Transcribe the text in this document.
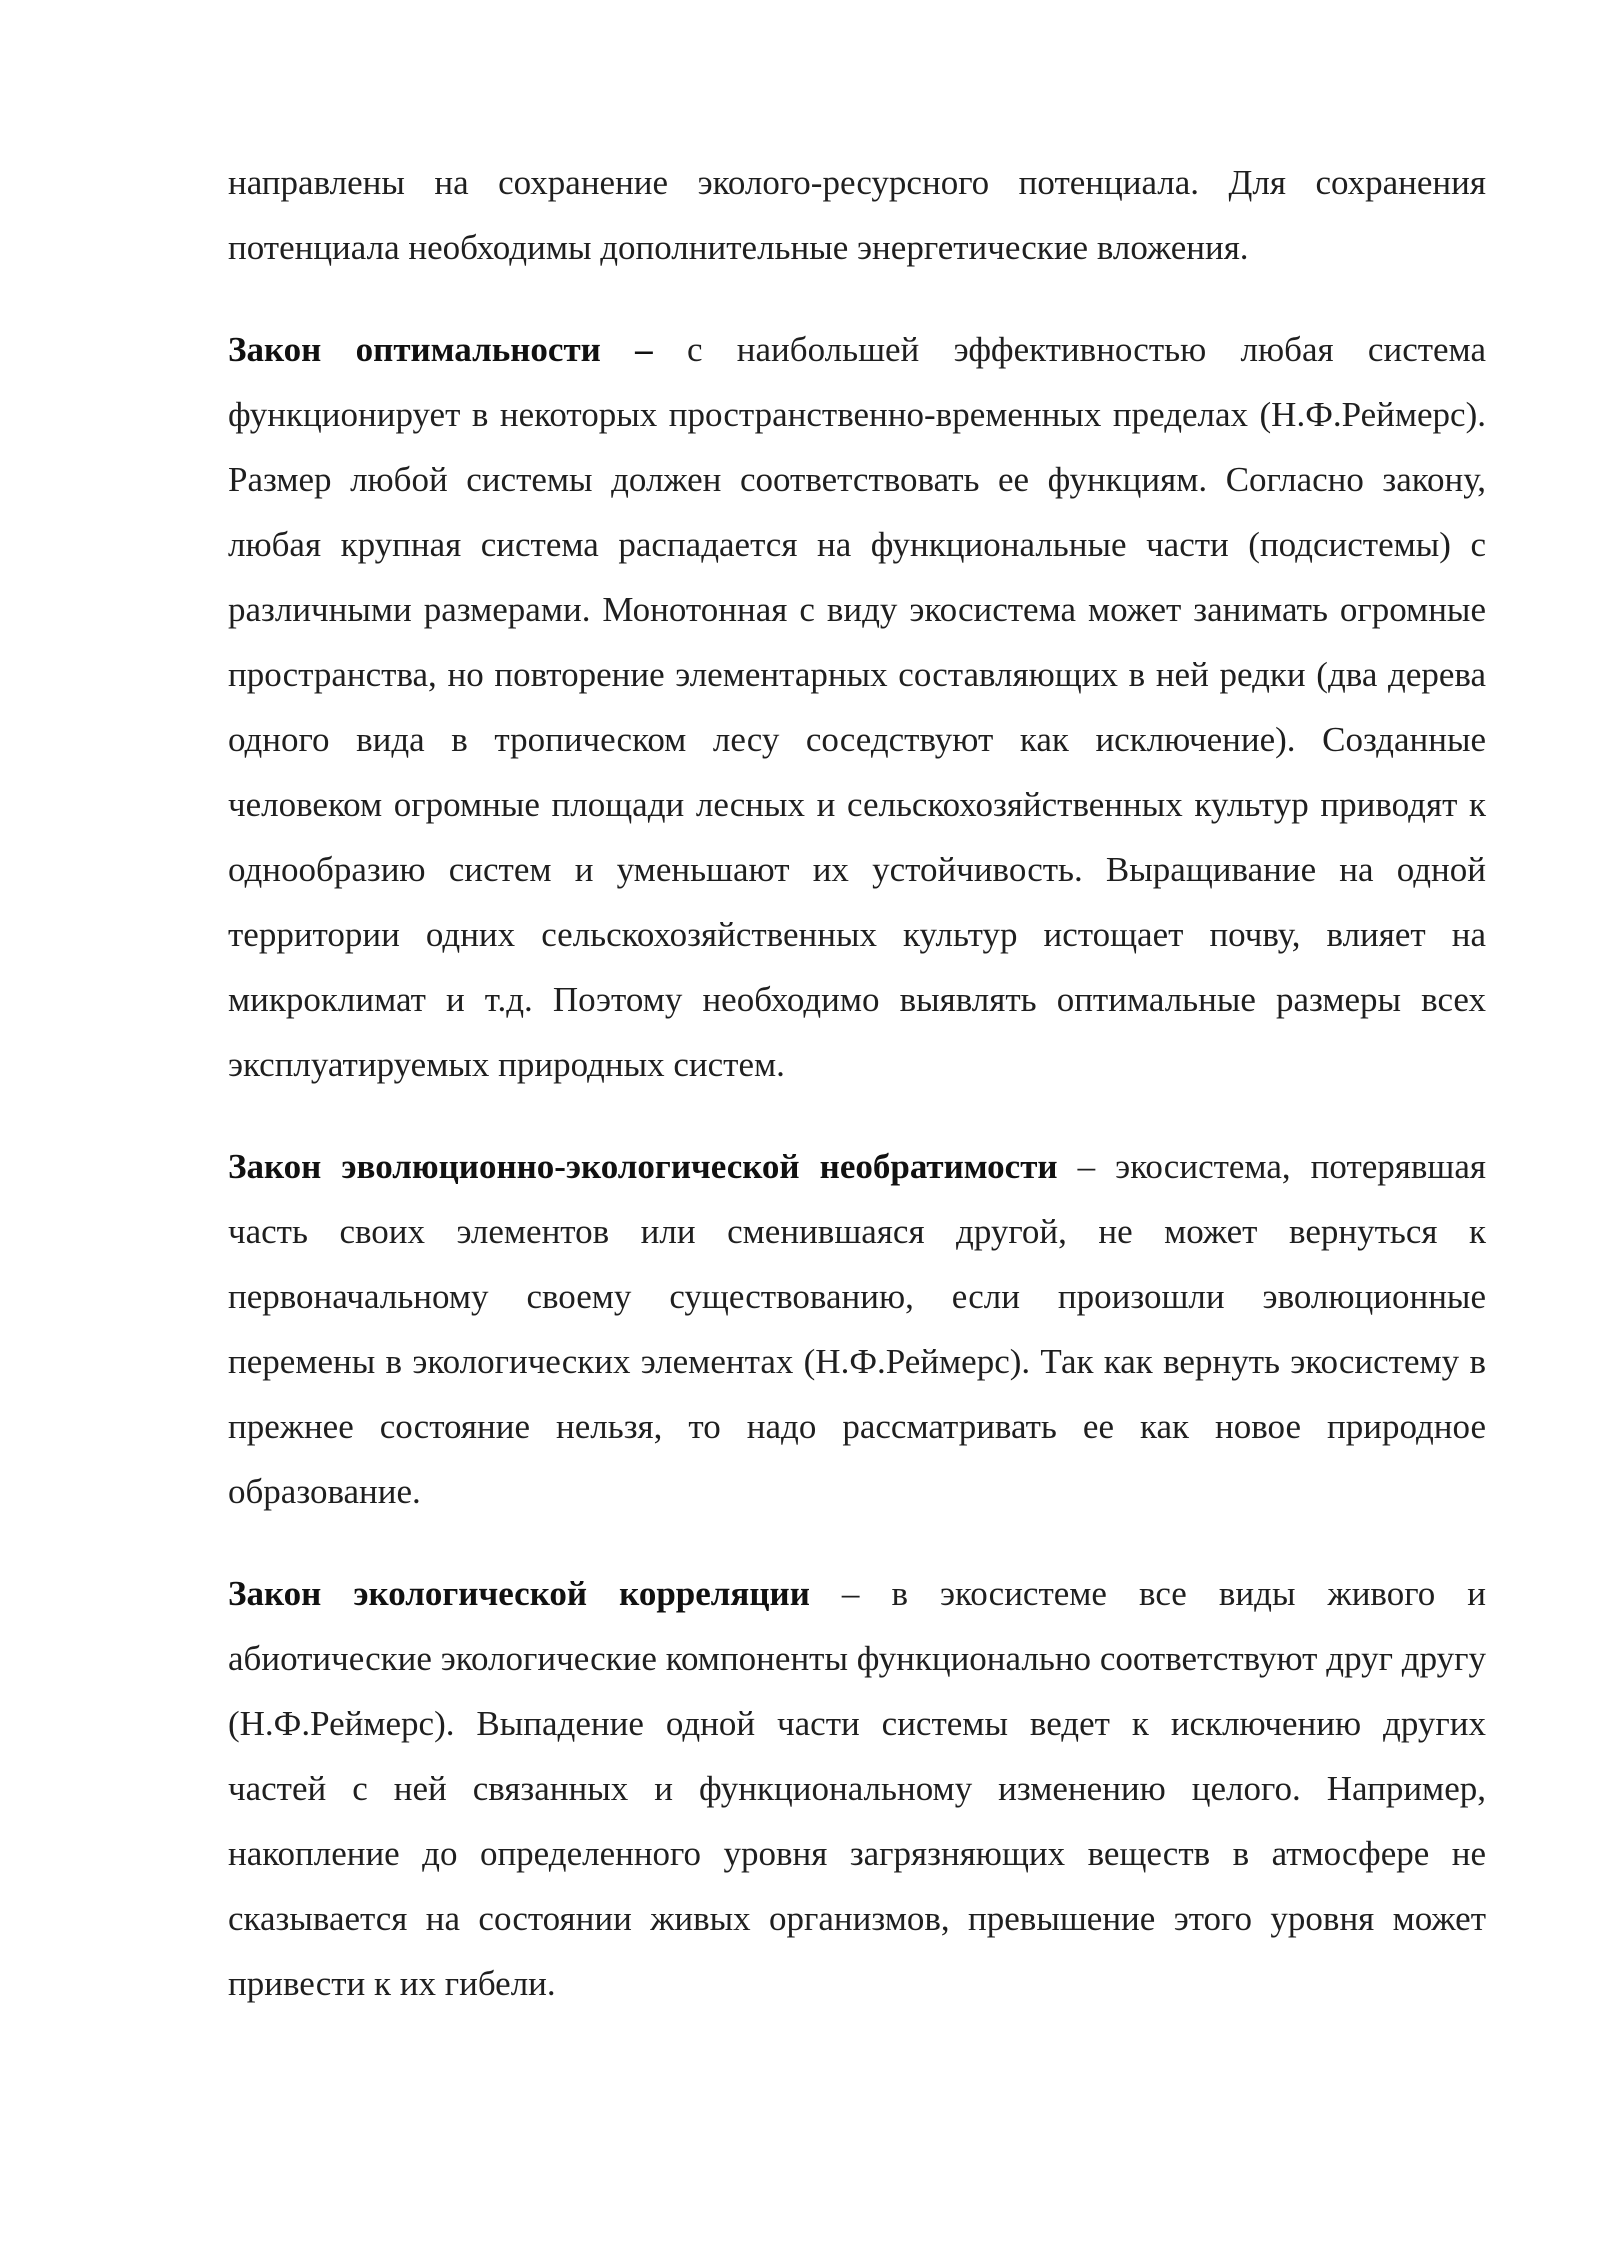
направлены на сохранение эколого-ресурсного потенциала. Для сохранения потенциала необходимы дополнительные энергетические вложения.

Закон оптимальности – с наибольшей эффективностью любая система функционирует в некоторых пространственно-временных пределах (Н.Ф.Реймерс). Размер любой системы должен соответствовать ее функциям. Согласно закону, любая крупная система распадается на функциональные части (подсистемы) с различными размерами. Монотонная с виду экосистема может занимать огромные пространства, но повторение элементарных составляющих в ней редки (два дерева одного вида в тропическом лесу соседствуют как исключение). Созданные человеком огромные площади лесных и сельскохозяйственных культур приводят к однообразию систем и уменьшают их устойчивость. Выращивание на одной территории одних сельскохозяйственных культур истощает почву, влияет на микроклимат и т.д. Поэтому необходимо выявлять оптимальные размеры всех эксплуатируемых природных систем.

Закон эволюционно-экологической необратимости – экосистема, потерявшая часть своих элементов или сменившаяся другой, не может вернуться к первоначальному своему существованию, если произошли эволюционные перемены в экологических элементах (Н.Ф.Реймерс). Так как вернуть экосистему в прежнее состояние нельзя, то надо рассматривать ее как новое природное образование.

Закон экологической корреляции – в экосистеме все виды живого и абиотические экологические компоненты функционально соответствуют друг другу (Н.Ф.Реймерс). Выпадение одной части системы ведет к исключению других частей с ней связанных и функциональному изменению целого. Например, накопление до определенного уровня загрязняющих веществ в атмосфере не сказывается на состоянии живых организмов, превышение этого уровня может привести к их гибели.
